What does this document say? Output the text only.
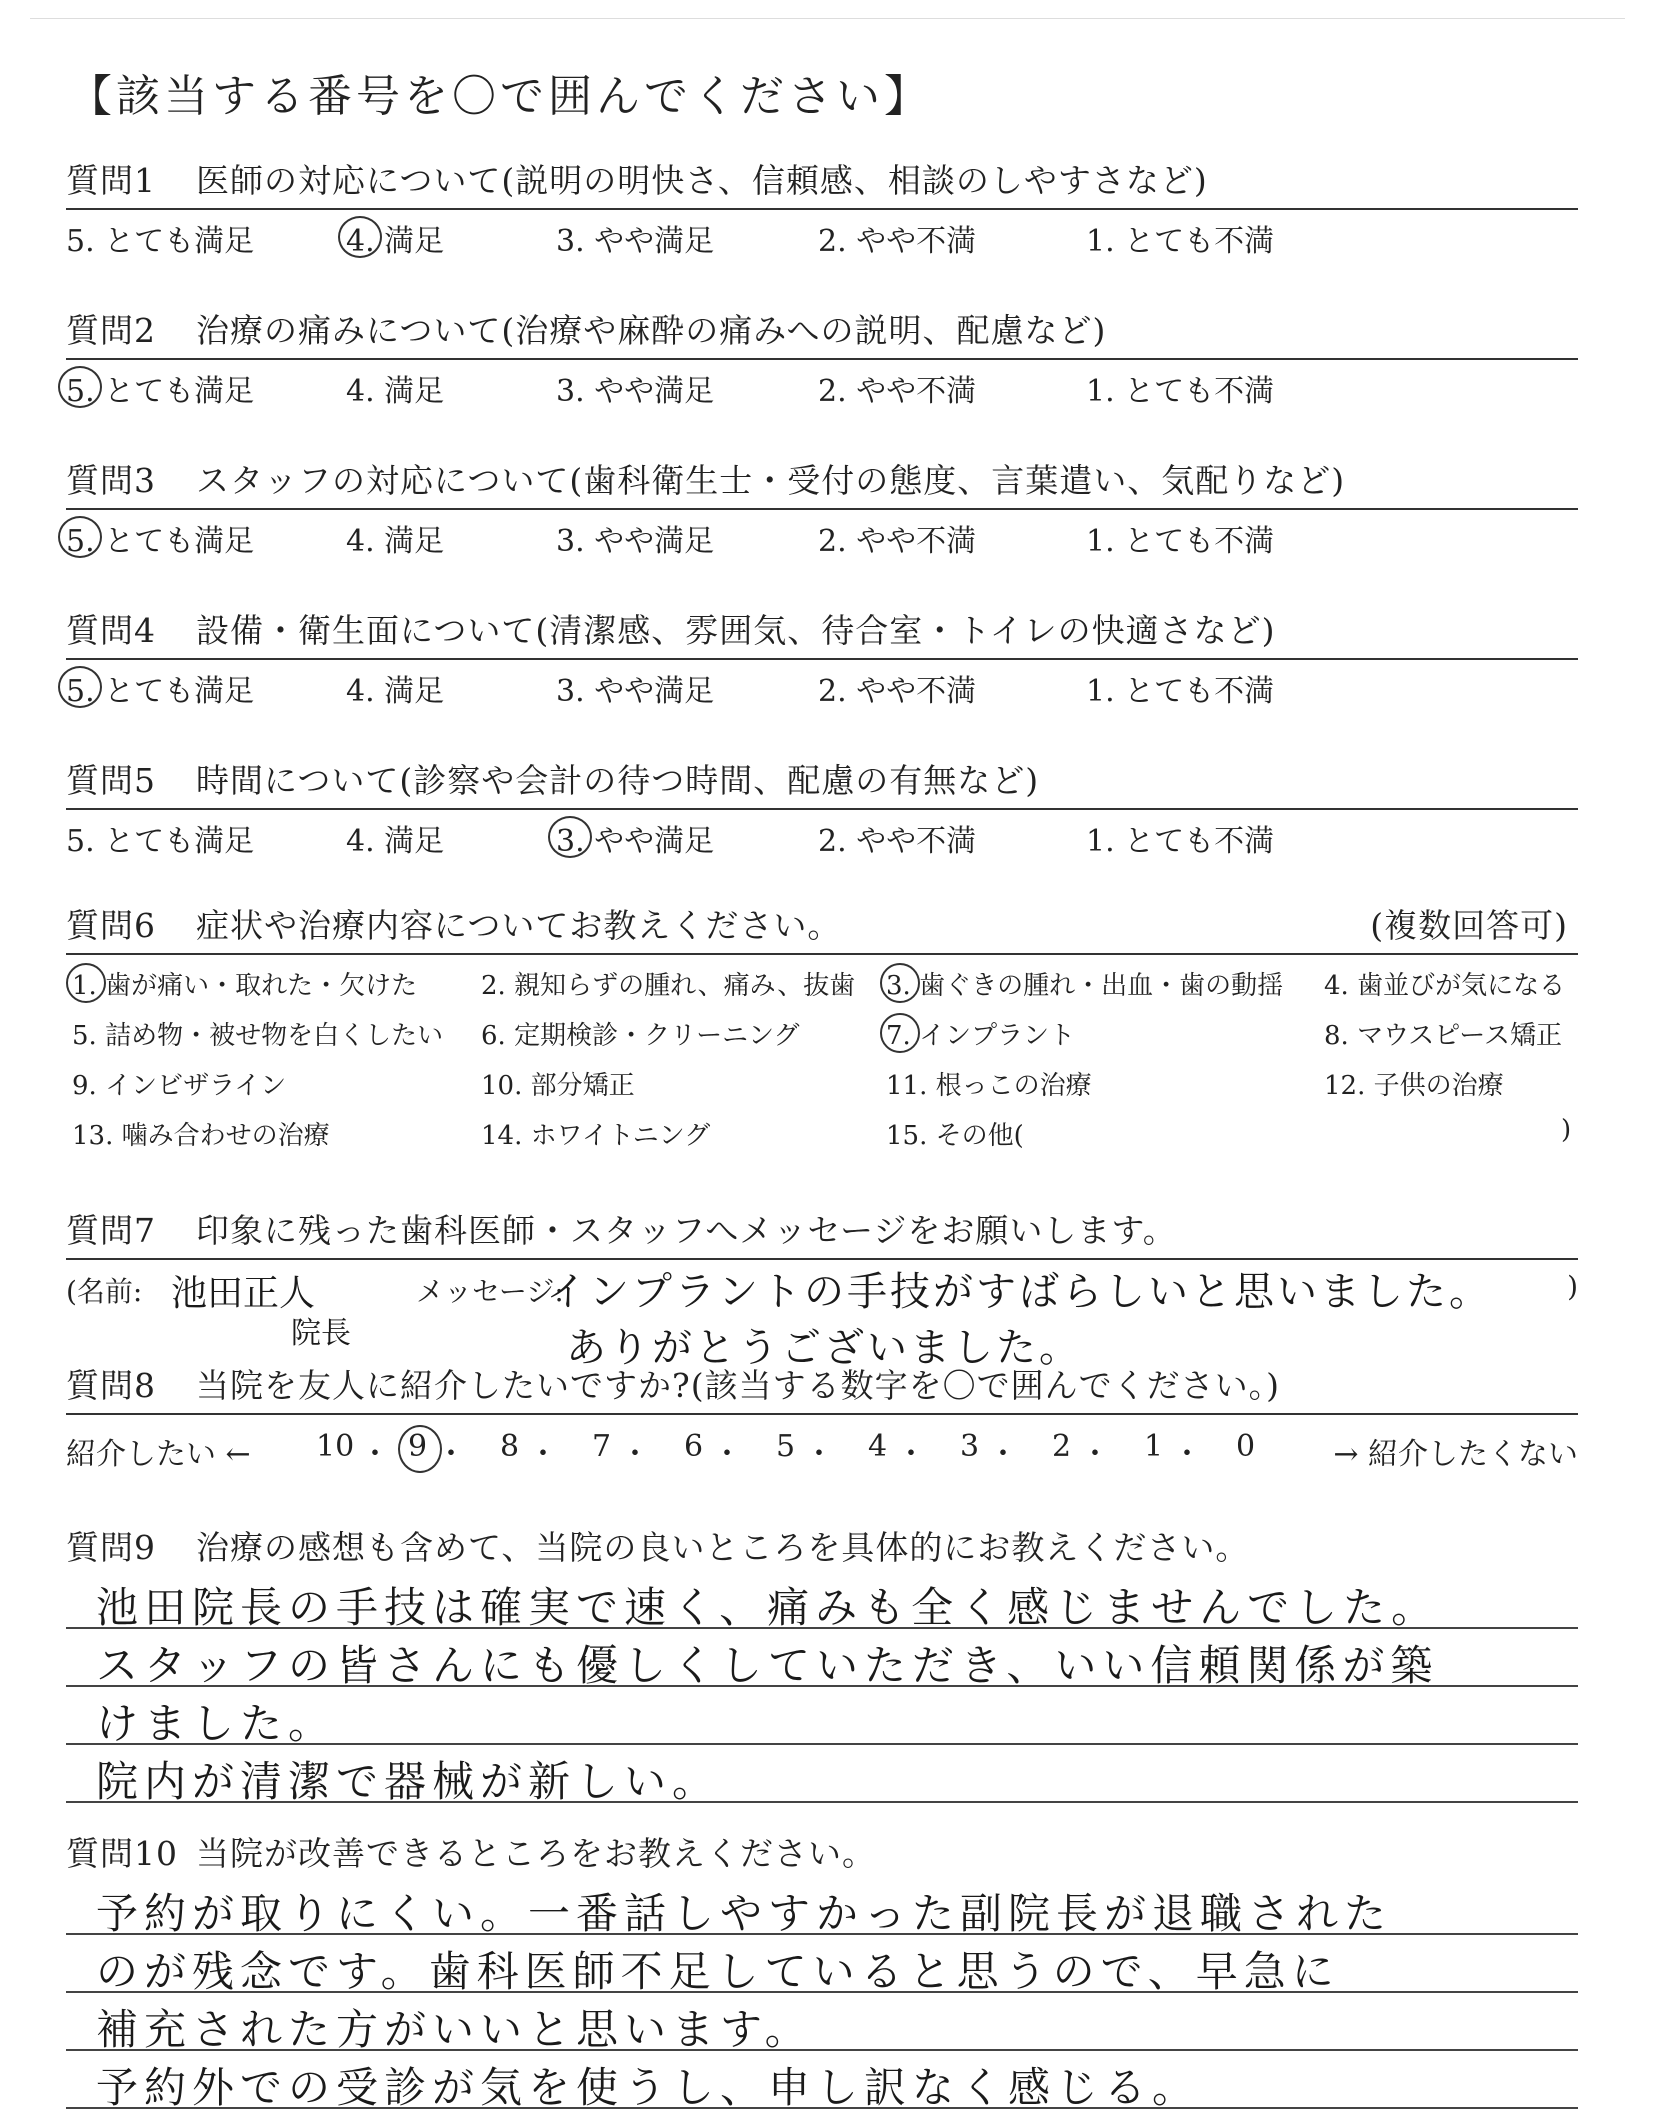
【該当する番号を〇で囲んでください】
質問1 医師の対応について(説明の明快さ、信頼感、相談のしやすさなど)
5. とても満足	4. 満足	3. やや満足	2. やや不満	1. とても不満
質問2 治療の痛みについて(治療や麻酔の痛みへの説明、配慮など)
5. とても満足	4. 満足	3. やや満足	2. やや不満	1. とても不満
質問3 スタッフの対応について(歯科衛生士・受付の態度、言葉遣い、気配りなど)
5. とても満足	4. 満足	3. やや満足	2. やや不満	1. とても不満
質問4 設備・衛生面について(清潔感、雰囲気、待合室・トイレの快適さなど)
5. とても満足	4. 満足	3. やや満足	2. やや不満	1. とても不満
質問5 時間について(診察や会計の待つ時間、配慮の有無など)
5. とても満足	4. 満足	3. やや満足	2. やや不満	1. とても不満
質問6 症状や治療内容についてお教えください。	(複数回答可)
1. 歯が痛い・取れた・欠けた 2. 親知らずの腫れ、痛み、抜歯 3. 歯ぐきの腫れ・出血・歯の動揺 4. 歯並びが気になる
5. 詰め物・被せ物を白くしたい 6. 定期検診・クリーニング	7. インプラント	8. マウスピース矯正
9. インビザライン	10. 部分矯正	11. 根っこの治療	12. 子供の治療
13. 噛み合わせの治療	14. ホワイトニング	15. その他(	)
質問7 印象に残った歯科医師・スタッフへメッセージをお願いします。
(名前: 池田正人
院長
メッセージ:
インプラントの手技がすばらしいと思いました。
ありがとうございました。
)
質問8 当院を友人に紹介したいですか?(該当する数字を〇で囲んでください。)
紹介したい ←	→ 紹介したくない
10 ・ 9 ・ 8 ・ 7 ・ 6 ・ 5 ・ 4 ・ 3 ・ 2 ・ 1 ・ 0
質問9 治療の感想も含めて、当院の良いところを具体的にお教えください。
池田院長の手技は確実で速く、痛みも全く感じませんでした。
スタッフの皆さんにも優しくしていただき、いい信頼関係が築
けました。
院内が清潔で器械が新しい。
質問10 当院が改善できるところをお教えください。
予約が取りにくい。一番話しやすかった副院長が退職された
のが残念です。歯科医師不足していると思うので、早急に
補充された方がいいと思います。
予約外での受診が気を使うし、申し訳なく感じる。
